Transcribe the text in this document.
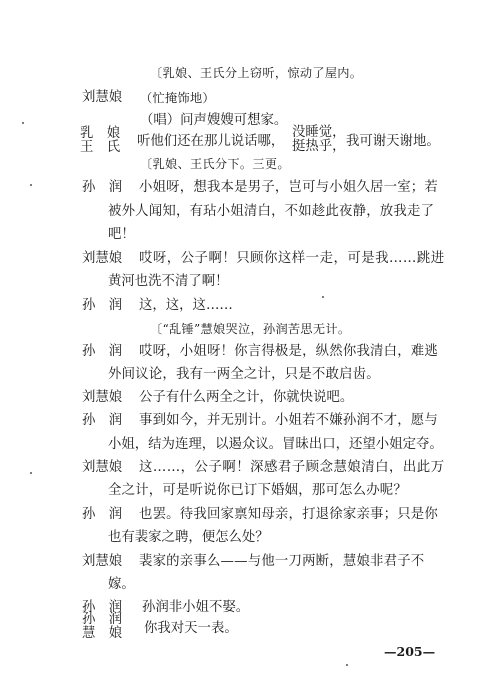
〔乳娘、王氏分上窃听，惊动了屋内。
刘慧娘 （忙掩饰地）
（唱）问声嫂嫂可想家。
乳　娘
王　氏 听他们还在那儿说话哪，
没睡觉，
挺热乎， 我可谢天谢地。
〔乳娘、王氏分下。三更。
孙　润 小姐呀，想我本是男子，岂可与小姐久居一室；若
被外人闻知，有玷小姐清白，不如趁此夜静，放我走了
吧！
刘慧娘 哎呀，公子啊！只顾你这样一走，可是我……跳进
黄河也洗不清了啊！
孙　润 这，这，这……
〔“乱锤”慧娘哭泣，孙润苦思无计。
孙　润 哎呀，小姐呀！你言得极是，纵然你我清白，难逃
外间议论，我有一两全之计，只是不敢启齿。
刘慧娘 公子有什么两全之计，你就快说吧。
孙　润 事到如今，并无别计。小姐若不嫌孙润不才，愿与
小姐，结为连理，以遏众议。冒昧出口，还望小姐定夺。
刘慧娘 这……，公子啊！深感君子顾念慧娘清白，出此万
全之计，可是听说你已订下婚姻，那可怎么办呢？
孙　润 也罢。待我回家禀知母亲，打退徐家亲事；只是你
也有裴家之聘，便怎么处？
刘慧娘 裴家的亲事么——与他一刀两断，慧娘非君子不
嫁。
孙　润 孙润非小姐不娶。
孙　润
慧　娘 你我对天一表。
—205—
